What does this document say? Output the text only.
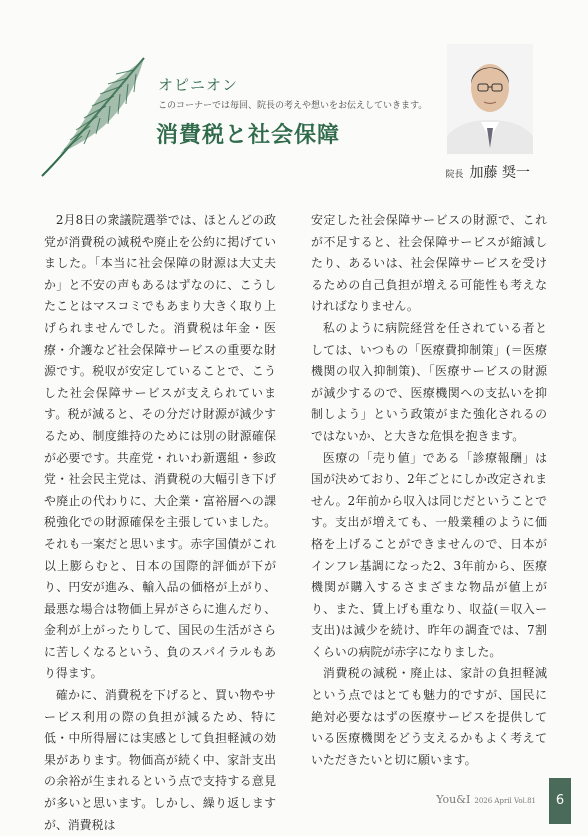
オピニオン
このコーナーでは毎回、院長の考えや想いをお伝えしていきます。
消費税と社会保障
院長 加藤 奨一

2月8日の衆議院選挙では、ほとんどの政党が消費税の減税や廃止を公約に掲げていました。「本当に社会保障の財源は大丈夫か」と不安の声もあるはずなのに、こうしたことはマスコミでもあまり大きく取り上げられませんでした。消費税は年金・医療・介護など社会保障サービスの重要な財源です。税収が安定していることで、こうした社会保障サービスが支えられています。税が減ると、その分だけ財源が減少するため、制度維持のためには別の財源確保が必要です。共産党・れいわ新選組・参政党・社会民主党は、消費税の大幅引き下げや廃止の代わりに、大企業・富裕層への課税強化での財源確保を主張していました。それも一案だと思います。赤字国債がこれ以上膨らむと、日本の国際的評価が下がり、円安が進み、輸入品の価格が上がり、最悪な場合は物価上昇がさらに進んだり、金利が上がったりして、国民の生活がさらに苦しくなるという、負のスパイラルもあり得ます。

確かに、消費税を下げると、買い物やサービス利用の際の負担が減るため、特に低・中所得層には実感として負担軽減の効果があります。物価高が続く中、家計支出の余裕が生まれるという点で支持する意見が多いと思います。しかし、繰り返しますが、消費税は

安定した社会保障サービスの財源で、これが不足すると、社会保障サービスが縮減したり、あるいは、社会保障サービスを受けるための自己負担が増える可能性も考えなければなりません。

私のように病院経営を任されている者としては、いつもの「医療費抑制策」(＝医療機関の収入抑制策)、「医療サービスの財源が減少するので、医療機関への支払いを抑制しよう」という政策がまた強化されるのではないか、と大きな危惧を抱きます。

医療の「売り値」である「診療報酬」は国が決めており、2年ごとにしか改定されません。2年前から収入は同じだということです。支出が増えても、一般業種のように価格を上げることができませんので、日本がインフレ基調になった2、3年前から、医療機関が購入するさまざまな物品が値上がり、また、賃上げも重なり、収益(＝収入ー支出)は減少を続け、昨年の調査では、7割くらいの病院が赤字になりました。

消費税の減税・廃止は、家計の負担軽減という点ではとても魅力的ですが、国民に絶対必要なはずの医療サービスを提供している医療機関をどう支えるかもよく考えていただきたいと切に願います。

You&I 2026 April Vol.81	6
